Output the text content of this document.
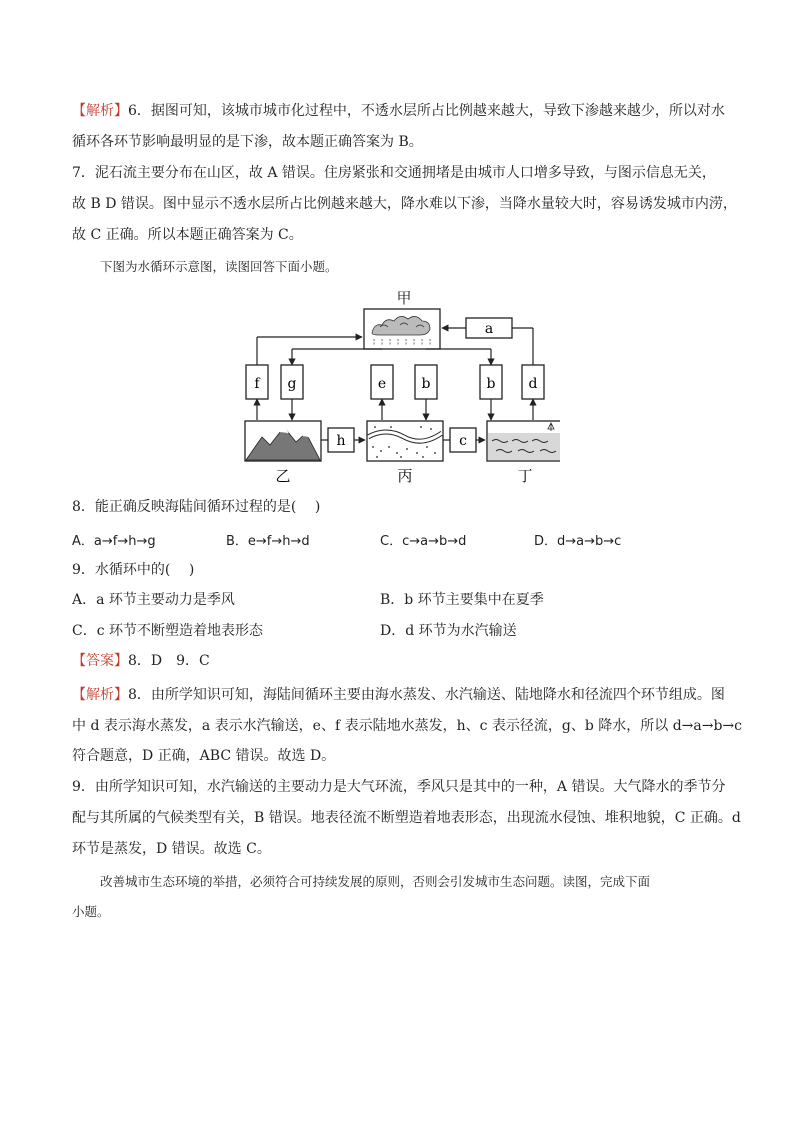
【解析】6．据图可知，该城市城市化过程中，不透水层所占比例越来越大，导致下渗越来越少，所以对水
循环各环节影响最明显的是下渗，故本题正确答案为 B。
7．泥石流主要分布在山区，故 A 错误。住房紧张和交通拥堵是由城市人口增多导致，与图示信息无关，
故 B D 错误。图中显示不透水层所占比例越来越大，降水难以下渗，当降水量较大时，容易诱发城市内涝，
故 C 正确。所以本题正确答案为 C。
下图为水循环示意图，读图回答下面小题。
甲
a
f g	e	b	b d
h	c
乙	丙	丁
8．能正确反映海陆间循环过程的是(　 )
A．a→f→h→g	B．e→f→h→d	C．c→a→b→d	D．d→a→b→c
9．水循环中的(　 )
A．a 环节主要动力是季风	B．b 环节主要集中在夏季
C．c 环节不断塑造着地表形态	D．d 环节为水汽输送
【答案】8．D　9．C
【解析】8．由所学知识可知，海陆间循环主要由海水蒸发、水汽输送、陆地降水和径流四个环节组成。图
中 d 表示海水蒸发，a 表示水汽输送，e、f 表示陆地水蒸发，h、c 表示径流，g、b 降水，所以 d→a→b→c
符合题意，D 正确，ABC 错误。故选 D。
9．由所学知识可知，水汽输送的主要动力是大气环流，季风只是其中的一种，A 错误。大气降水的季节分
配与其所属的气候类型有关，B 错误。地表径流不断塑造着地表形态，出现流水侵蚀、堆积地貌，C 正确。d
环节是蒸发，D 错误。故选 C。
改善城市生态环境的举措，必须符合可持续发展的原则，否则会引发城市生态问题。读图，完成下面
小题。
